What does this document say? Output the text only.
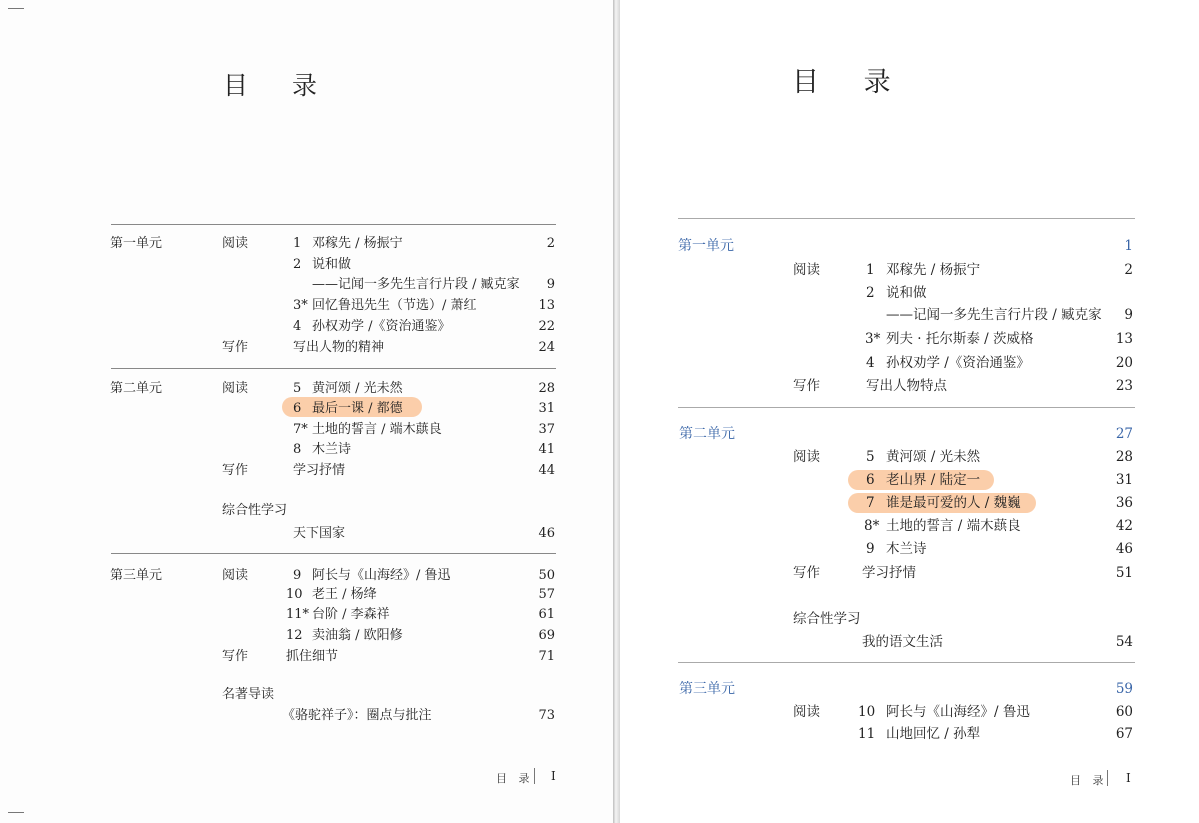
目 录
第一单元	阅读	1 邓稼先 / 杨振宁	2
2 说和做
——记闻一多先生言行片段 / 臧克家	9
3* 回忆鲁迅先生（节选）/ 萧红	13
4 孙权劝学 /《资治通鉴》	22
写作	写出人物的精神	24
第二单元	阅读	5 黄河颂 / 光未然	28
6 最后一课 / 都德	31
7* 土地的誓言 / 端木蕻良	37
8 木兰诗	41
写作	学习抒情	44
综合性学习
天下国家	46
第三单元	阅读	9 阿长与《山海经》/ 鲁迅	50
10 老王 / 杨绛	57
11* 台阶 / 李森祥	61
12 卖油翁 / 欧阳修	69
写作	抓住细节	71
名著导读
《骆驼祥子》：圈点与批注	73
目 录 I
目 录
第一单元	1
阅读	1 邓稼先 / 杨振宁	2
2 说和做
——记闻一多先生言行片段 / 臧克家	9
3* 列夫 · 托尔斯泰 / 茨威格	13
4 孙权劝学 /《资治通鉴》	20
写作	写出人物特点	23
第二单元	27
阅读	5 黄河颂 / 光未然	28
6 老山界 / 陆定一	31
7 谁是最可爱的人 / 魏巍	36
8* 土地的誓言 / 端木蕻良	42
9 木兰诗	46
写作	学习抒情	51
综合性学习
我的语文生活	54
第三单元	59
阅读	10 阿长与《山海经》/ 鲁迅	60
11 山地回忆 / 孙犁	67
目 录 I
